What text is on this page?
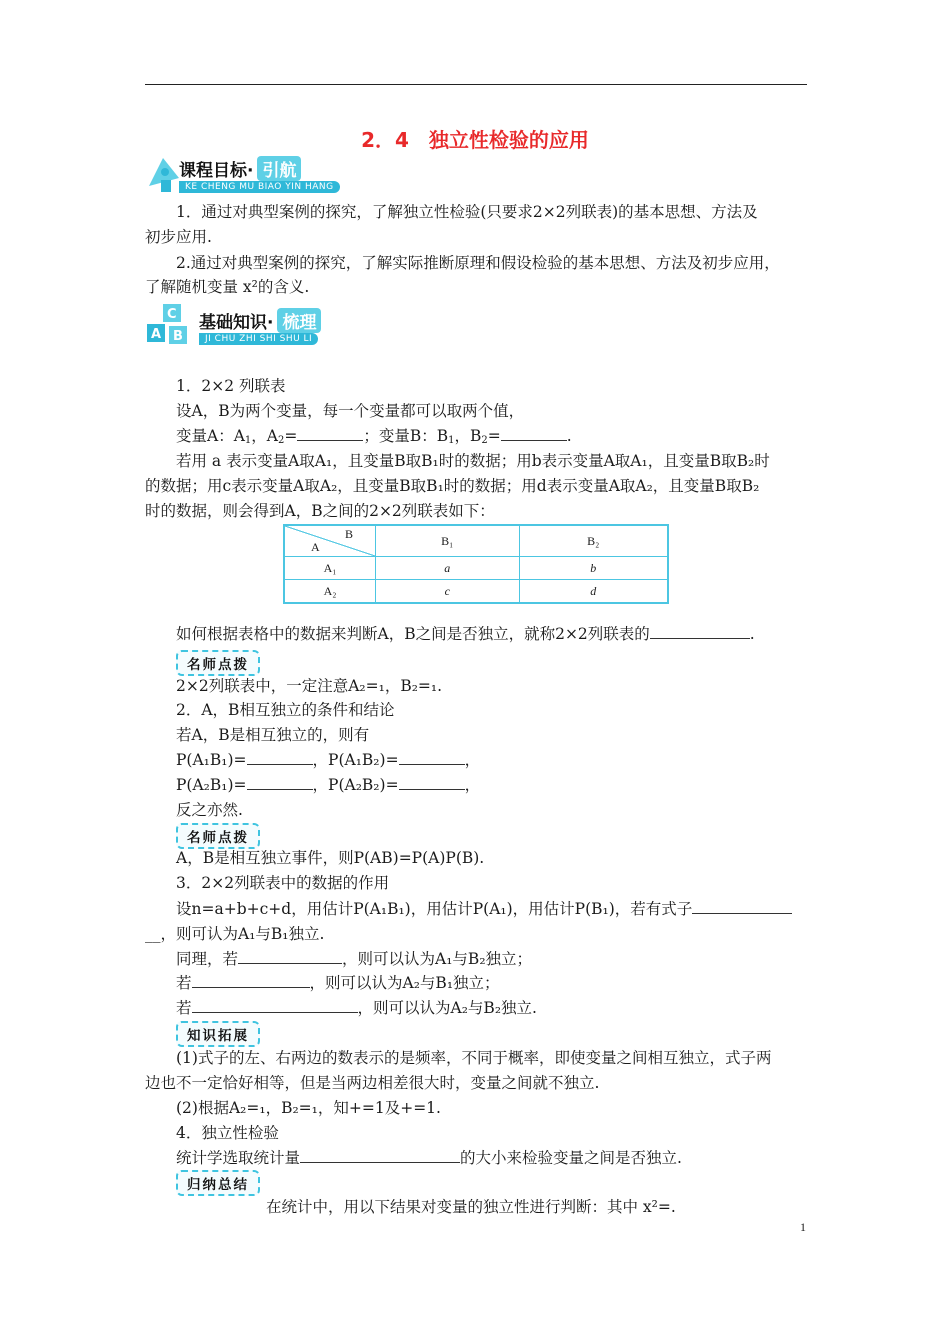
2．4　独立性检验的应用
课程目标· 引航
KE CHENG MU BIAO YIN HANG
1．通过对典型案例的探究，了解独立性检验(只要求2×2列联表)的基本思想、方法及
初步应用.
2.通过对典型案例的探究，了解实际推断原理和假设检验的基本思想、方法及初步应用，
了解随机变量 x²的含义.
C
A B
基础知识· 梳理
JI CHU ZHI SHI SHU LI
1．2×2 列联表
设A，B为两个变量，每一个变量都可以取两个值，
变量A：$A_1$，$A_2=$	；变量B：$B_1$，$B_2=$	.
若用 a 表示变量A取A₁，且变量B取B₁时的数据；用b表示变量A取A₁，且变量B取B₂时
的数据；用c表示变量A取A₂，且变量B取B₁时的数据；用d表示变量A取A₂，且变量B取B₂
时的数据，则会得到A，B之间的2×2列联表如下：
B
A	B₁	B₂
A₁	a	b
A₂	c	d
如何根据表格中的数据来判断A，B之间是否独立，就称2×2列联表的	.
名师点拨
2×2列联表中，一定注意A₂=₁，B₂=₁.
2．A，B相互独立的条件和结论
若A，B是相互独立的，则有
P(A₁B₁)=	，P(A₁B₂)=	，
P(A₂B₁)=	，P(A₂B₂)=	，
反之亦然.
名师点拨
A，B是相互独立事件，则P(AB)=P(A)P(B).
3．2×2列联表中的数据的作用
设n=a+b+c+d，用估计P(A₁B₁)，用估计P(A₁)，用估计P(B₁)，若有式子
__，则可认为A₁与B₁独立.
同理，若	，则可以认为A₁与B₂独立；
若	，则可以认为A₂与B₁独立；
若	，则可以认为A₂与B₂独立.
知识拓展
(1)式子的左、右两边的数表示的是频率，不同于概率，即使变量之间相互独立，式子两
边也不一定恰好相等，但是当两边相差很大时，变量之间就不独立.
(2)根据A₂=₁，B₂=₁，知+=1及+=1.
4．独立性检验
统计学选取统计量	的大小来检验变量之间是否独立.
归纳总结
在统计中，用以下结果对变量的独立性进行判断：其中 x²=.
1
